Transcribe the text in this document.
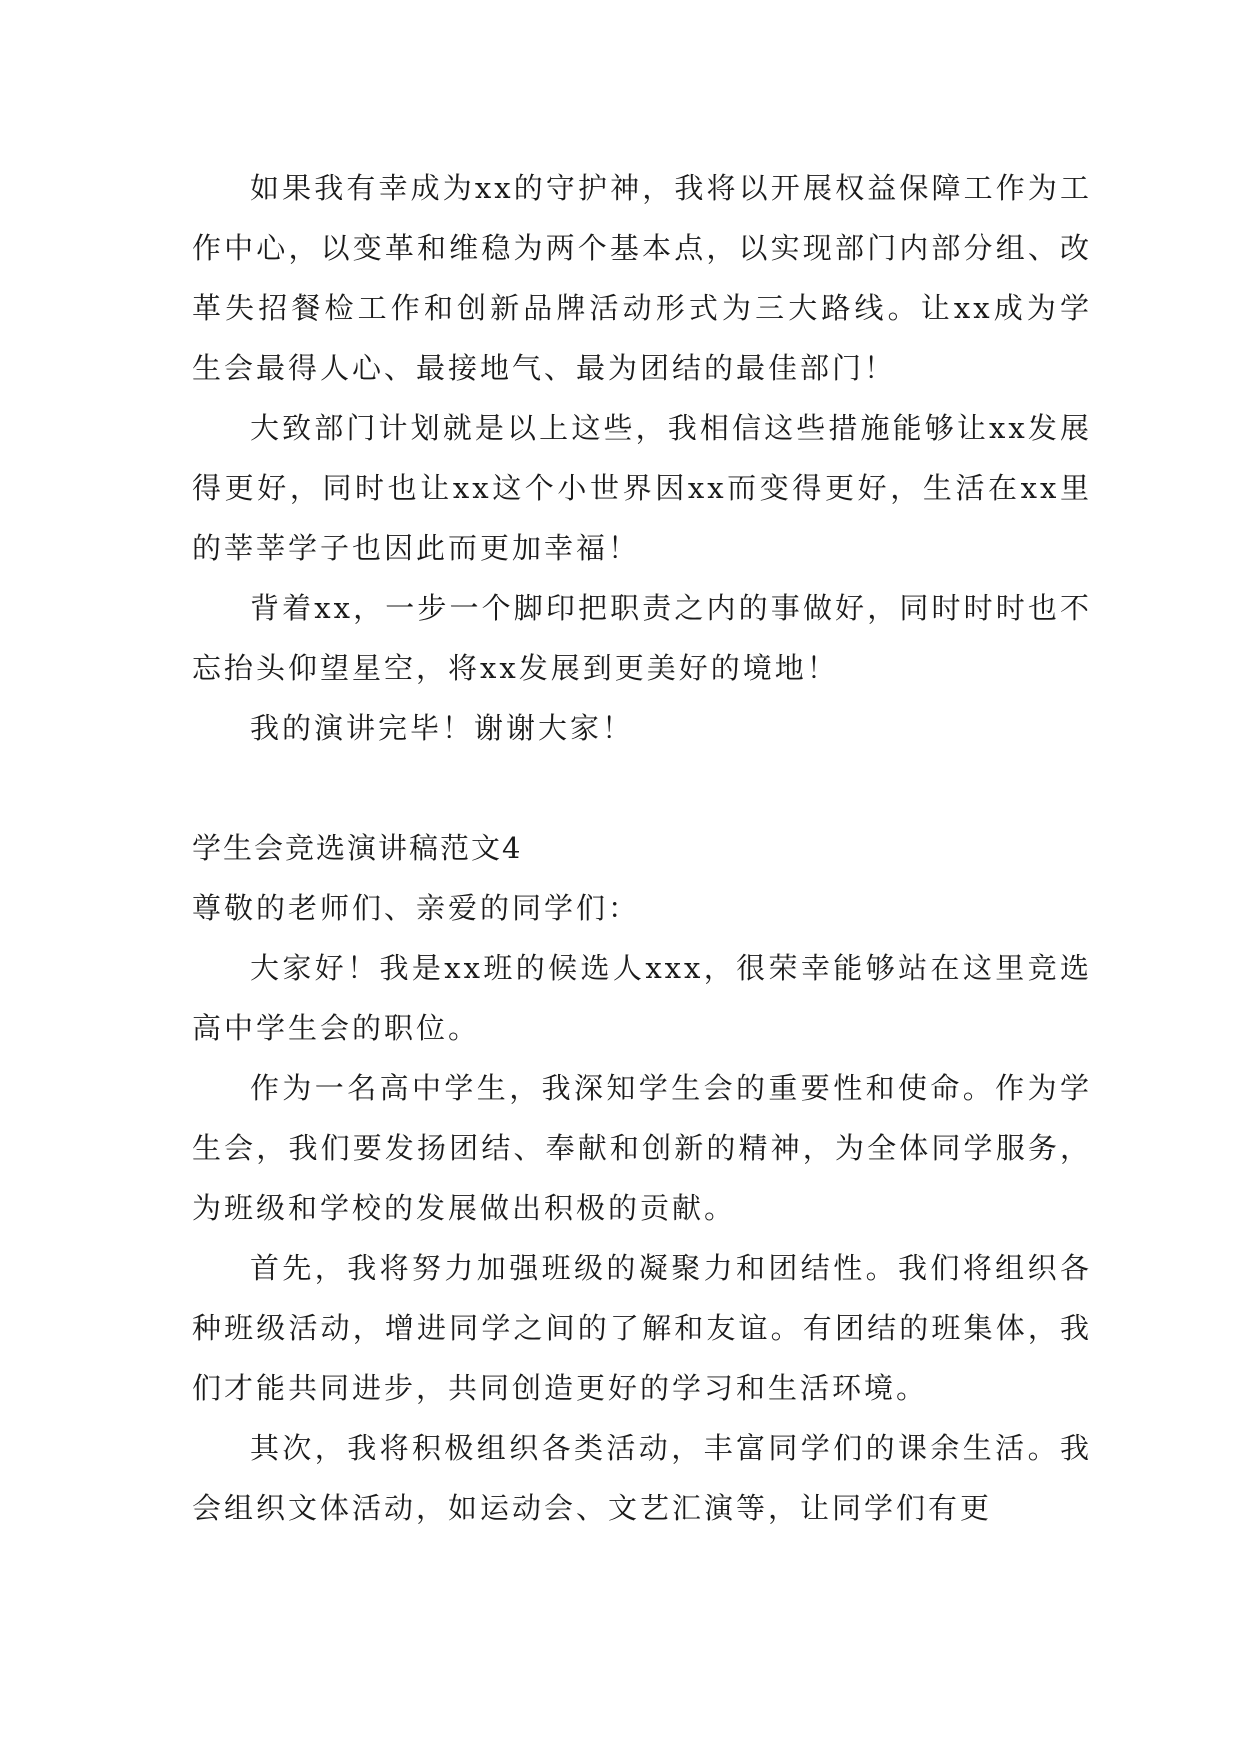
如果我有幸成为xx的守护神，我将以开展权益保障工作为工作中心，以变革和维稳为两个基本点，以实现部门内部分组、改革失招餐检工作和创新品牌活动形式为三大路线。让xx成为学生会最得人心、最接地气、最为团结的最佳部门！

大致部门计划就是以上这些，我相信这些措施能够让xx发展得更好，同时也让xx这个小世界因xx而变得更好，生活在xx里的莘莘学子也因此而更加幸福！

背着xx，一步一个脚印把职责之内的事做好，同时时时也不忘抬头仰望星空，将xx发展到更美好的境地！

我的演讲完毕！谢谢大家！

学生会竞选演讲稿范文4

尊敬的老师们、亲爱的同学们：

大家好！我是xx班的候选人xxx，很荣幸能够站在这里竞选高中学生会的职位。

作为一名高中学生，我深知学生会的重要性和使命。作为学生会，我们要发扬团结、奉献和创新的精神，为全体同学服务，为班级和学校的发展做出积极的贡献。

首先，我将努力加强班级的凝聚力和团结性。我们将组织各种班级活动，增进同学之间的了解和友谊。有团结的班集体，我们才能共同进步，共同创造更好的学习和生活环境。

其次，我将积极组织各类活动，丰富同学们的课余生活。我会组织文体活动，如运动会、文艺汇演等，让同学们有更
